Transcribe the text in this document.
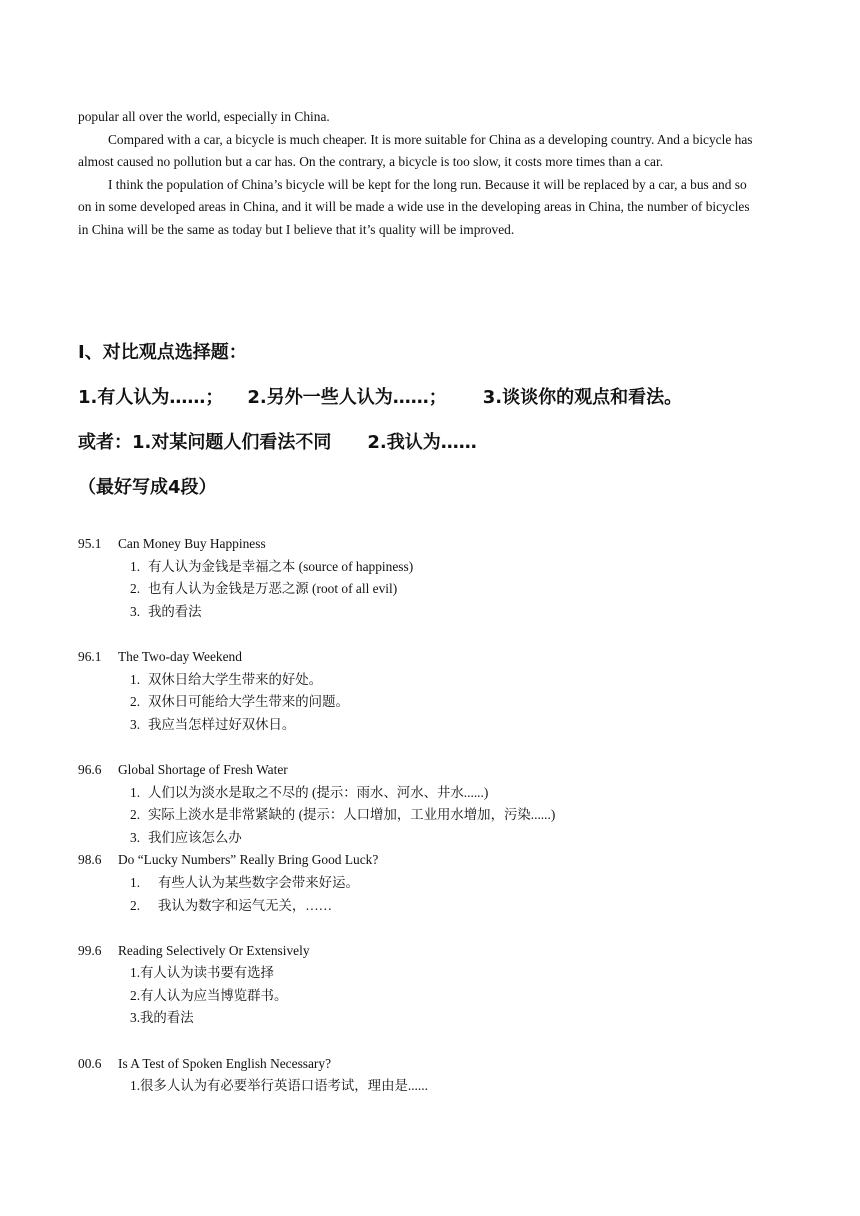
popular all over the world, especially in China.

Compared with a car, a bicycle is much cheaper. It is more suitable for China as a developing country. And a bicycle has almost caused no pollution but a car has. On the contrary, a bicycle is too slow, it costs more times than a car.

I think the population of China’s bicycle will be kept for the long run. Because it will be replaced by a car, a bus and so on in some developed areas in China, and it will be made a wide use in the developing areas in China, the number of bicycles in China will be the same as today but I believe that it’s quality will be improved.

I、对比观点选择题：
1.有人认为……； 2.另外一些人认为……； 3.谈谈你的观点和看法。
或者：1.对某问题人们看法不同 2.我认为……
（最好写成4段）
95.1 Can Money Buy Happiness
1. 有人认为金钱是幸福之本 (source of happiness)
2. 也有人认为金钱是万恶之源 (root of all evil)
3. 我的看法
96.1 The Two-day Weekend
1. 双休日给大学生带来的好处。
2. 双休日可能给大学生带来的问题。
3. 我应当怎样过好双休日。
96.6 Global Shortage of Fresh Water
1. 人们以为淡水是取之不尽的 (提示：雨水、河水、井水......)
2. 实际上淡水是非常紧缺的 (提示：人口增加，工业用水增加，污染......)
3. 我们应该怎么办
98.6 Do “Lucky Numbers” Really Bring Good Luck?
1. 有些人认为某些数字会带来好运。
2. 我认为数字和运气无关，……
99.6 Reading Selectively Or Extensively
1.有人认为读书要有选择
2.有人认为应当博览群书。
3.我的看法
00.6 Is A Test of Spoken English Necessary?
1.很多人认为有必要举行英语口语考试，理由是......
